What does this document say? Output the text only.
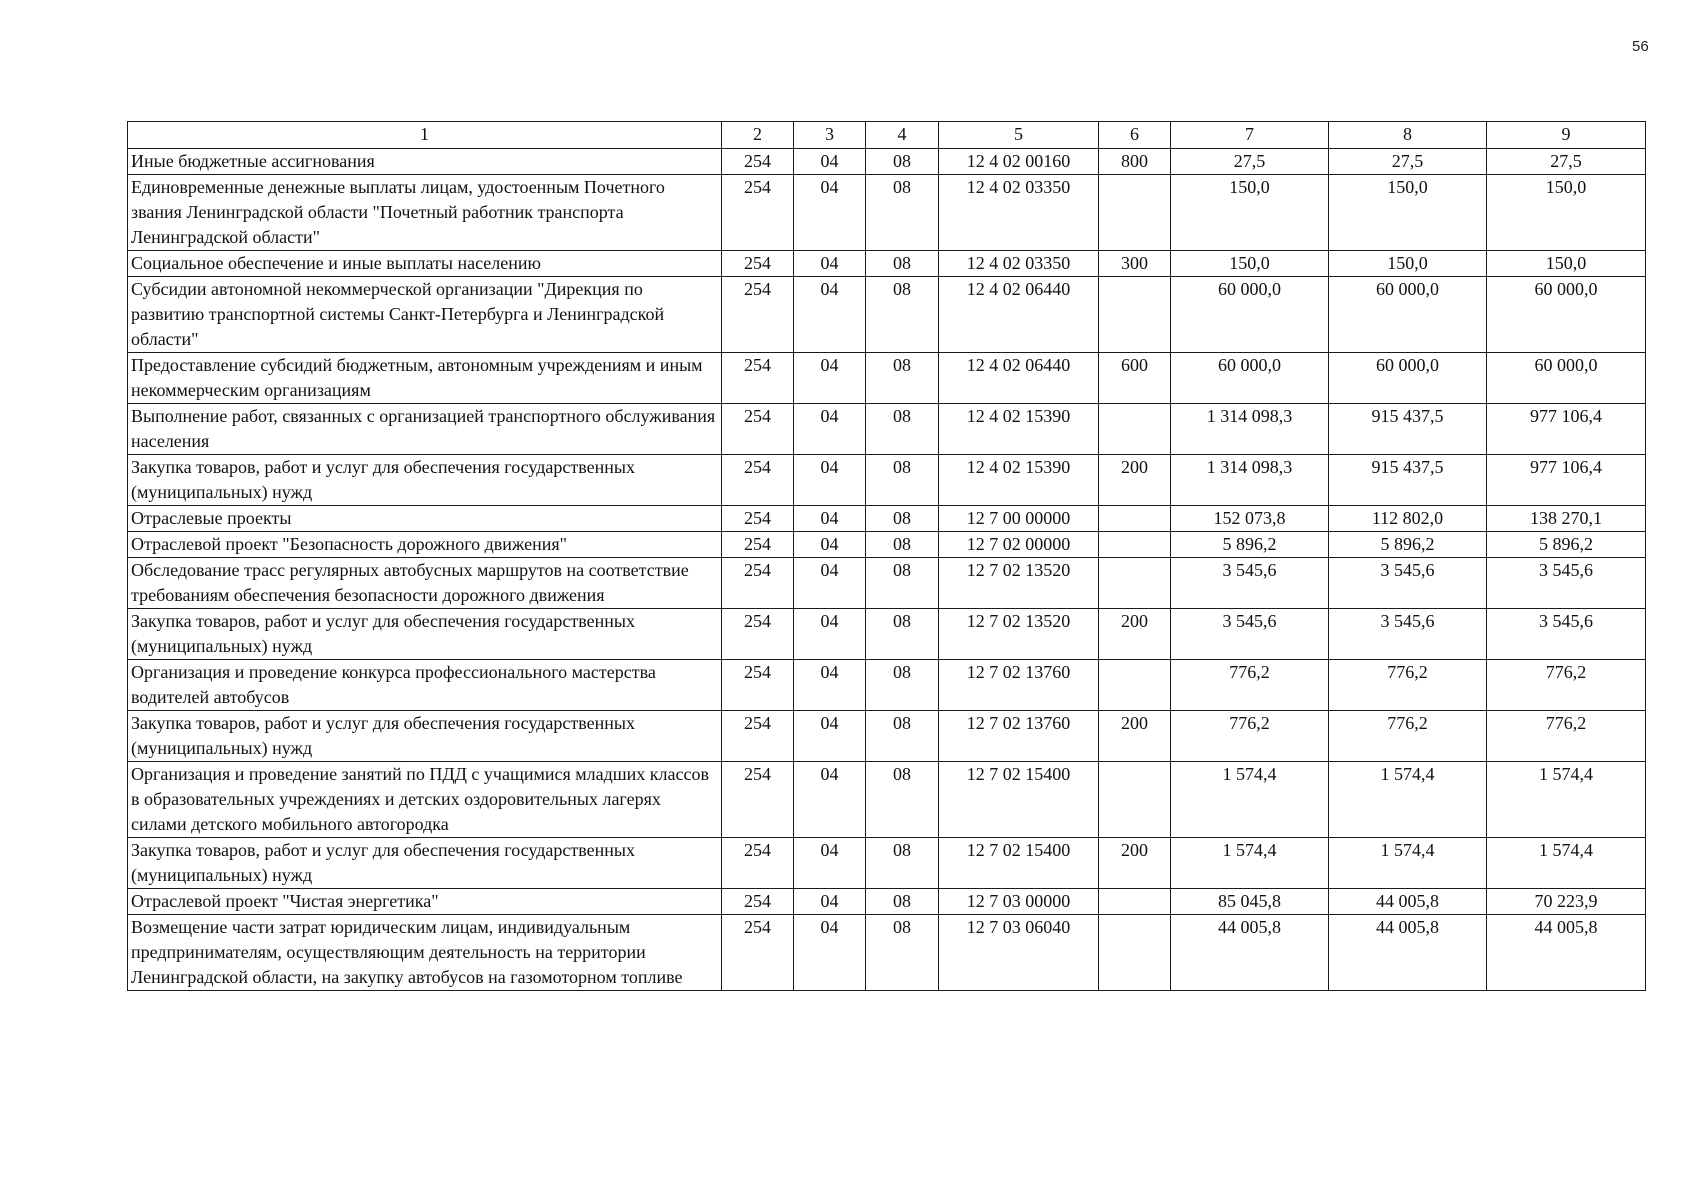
56
1	2	3	4	5	6	7	8	9
Иные бюджетные ассигнования	254	04	08	12 4 02 00160	800	27,5	27,5	27,5
Единовременные денежные выплаты лицам, удостоенным Почетного звания Ленинградской области "Почетный работник транспорта Ленинградской области"	254	04	08	12 4 02 03350		150,0	150,0	150,0
Социальное обеспечение и иные выплаты населению	254	04	08	12 4 02 03350	300	150,0	150,0	150,0
Субсидии автономной некоммерческой организации "Дирекция по развитию транспортной системы Санкт-Петербурга и Ленинградской области"	254	04	08	12 4 02 06440		60 000,0	60 000,0	60 000,0
Предоставление субсидий бюджетным, автономным учреждениям и иным некоммерческим организациям	254	04	08	12 4 02 06440	600	60 000,0	60 000,0	60 000,0
Выполнение работ, связанных с организацией транспортного обслуживания населения	254	04	08	12 4 02 15390		1 314 098,3	915 437,5	977 106,4
Закупка товаров, работ и услуг для обеспечения государственных (муниципальных) нужд	254	04	08	12 4 02 15390	200	1 314 098,3	915 437,5	977 106,4
Отраслевые проекты	254	04	08	12 7 00 00000		152 073,8	112 802,0	138 270,1
Отраслевой проект "Безопасность дорожного движения"	254	04	08	12 7 02 00000		5 896,2	5 896,2	5 896,2
Обследование трасс регулярных автобусных маршрутов на соответствие требованиям обеспечения безопасности дорожного движения	254	04	08	12 7 02 13520		3 545,6	3 545,6	3 545,6
Закупка товаров, работ и услуг для обеспечения государственных (муниципальных) нужд	254	04	08	12 7 02 13520	200	3 545,6	3 545,6	3 545,6
Организация и проведение конкурса профессионального мастерства водителей автобусов	254	04	08	12 7 02 13760		776,2	776,2	776,2
Закупка товаров, работ и услуг для обеспечения государственных (муниципальных) нужд	254	04	08	12 7 02 13760	200	776,2	776,2	776,2
Организация и проведение занятий по ПДД с учащимися младших классов в образовательных учреждениях и детских оздоровительных лагерях силами детского мобильного автогородка	254	04	08	12 7 02 15400		1 574,4	1 574,4	1 574,4
Закупка товаров, работ и услуг для обеспечения государственных (муниципальных) нужд	254	04	08	12 7 02 15400	200	1 574,4	1 574,4	1 574,4
Отраслевой проект "Чистая энергетика"	254	04	08	12 7 03 00000		85 045,8	44 005,8	70 223,9
Возмещение части затрат юридическим лицам, индивидуальным предпринимателям, осуществляющим деятельность на территории Ленинградской области, на закупку автобусов на газомоторном топливе	254	04	08	12 7 03 06040		44 005,8	44 005,8	44 005,8
